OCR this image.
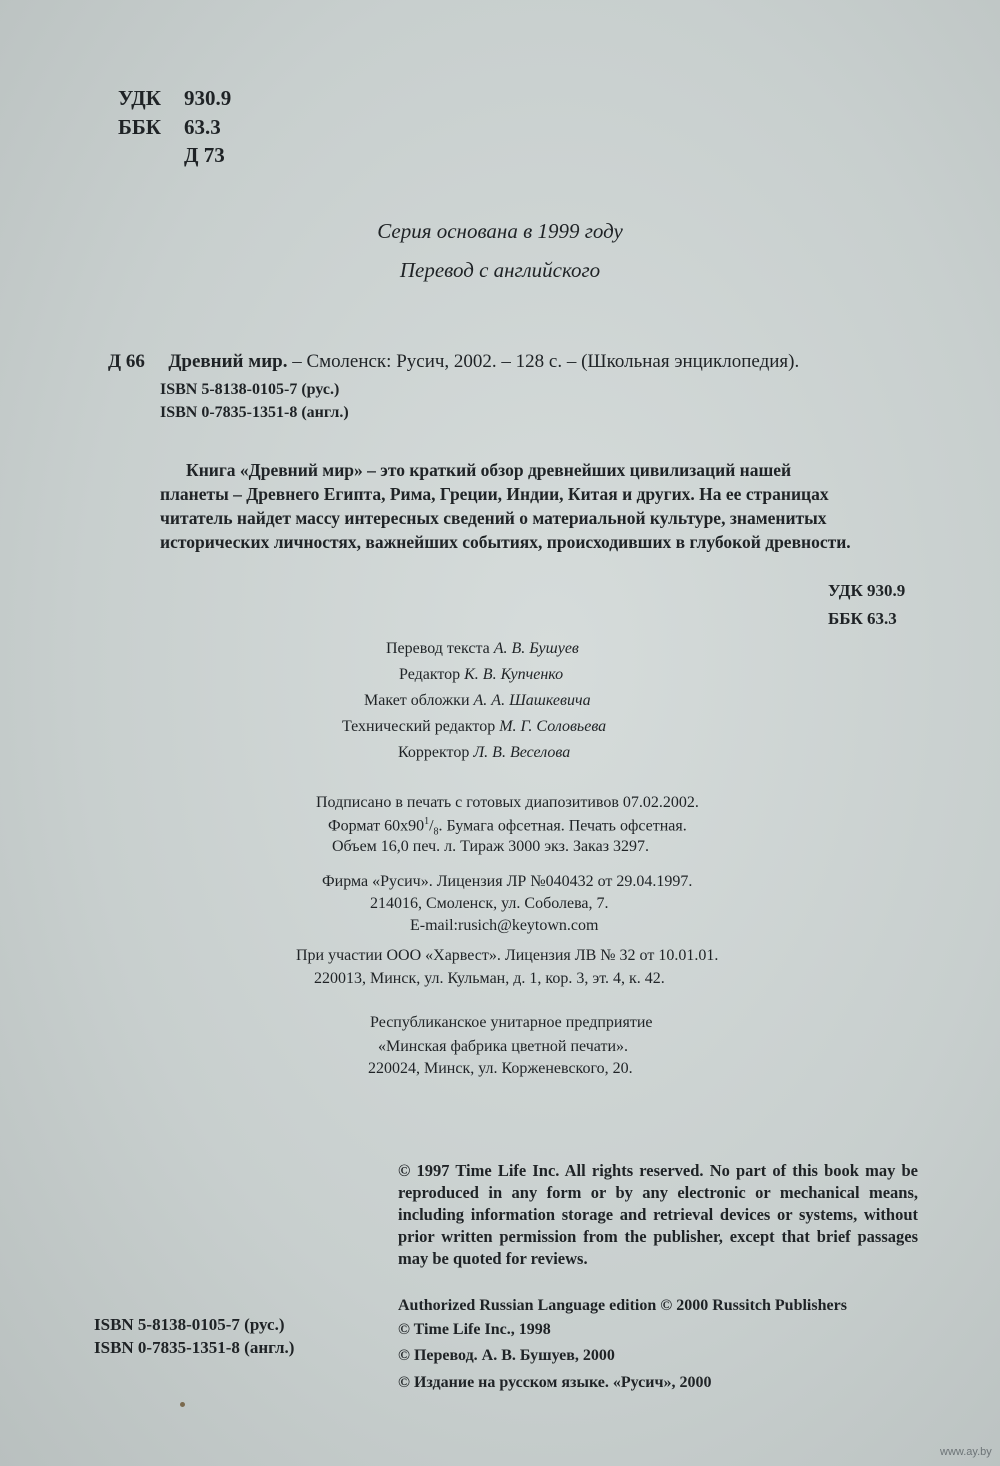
УДК 930.9
ББК 63.3
Д 73
Серия основана в 1999 году
Перевод с английского
Д 66 Древний мир. – Смоленск: Русич, 2002. – 128 с. – (Школьная энциклопедия).
ISBN 5-8138-0105-7 (рус.)
ISBN 0-7835-1351-8 (англ.)
Книга «Древний мир» – это краткий обзор древнейших цивилизаций нашей
планеты – Древнего Египта, Рима, Греции, Индии, Китая и других. На ее страницах
читатель найдет массу интересных сведений о материальной культуре, знаменитых
исторических личностях, важнейших событиях, происходивших в глубокой древности.
УДК 930.9
ББК 63.3
Перевод текста А. В. Бушуев
Редактор К. В. Купченко
Макет обложки А. А. Шашкевича
Технический редактор М. Г. Соловьева
Корректор Л. В. Веселова
Подписано в печать с готовых диапозитивов 07.02.2002.
Формат $60х90^1/_8$. Бумага офсетная. Печать офсетная.
Объем 16,0 печ. л. Тираж 3000 экз. Заказ 3297.
Фирма «Русич». Лицензия ЛР №040432 от 29.04.1997.
214016, Смоленск, ул. Соболева, 7.
E-mail:rusich@keytown.com
При участии ООО «Харвест». Лицензия ЛВ № 32 от 10.01.01.
220013, Минск, ул. Кульман, д. 1, кор. 3, эт. 4, к. 42.
Республиканское унитарное предприятие
«Минская фабрика цветной печати».
220024, Минск, ул. Корженевского, 20.
© 1997 Time Life Inc. All rights reserved. No part of this book may be reproduced in any form or by any electronic or mechanical means, including information storage and retrieval devices or systems, without prior written permission from the publisher, except that brief passages may be quoted for reviews.
ISBN 5-8138-0105-7 (рус.)
ISBN 0-7835-1351-8 (англ.)
Authorized Russian Language edition © 2000 Russitch Publishers
© Time Life Inc., 1998
© Перевод. А. В. Бушуев, 2000
© Издание на русском языке. «Русич», 2000
www.ay.by
